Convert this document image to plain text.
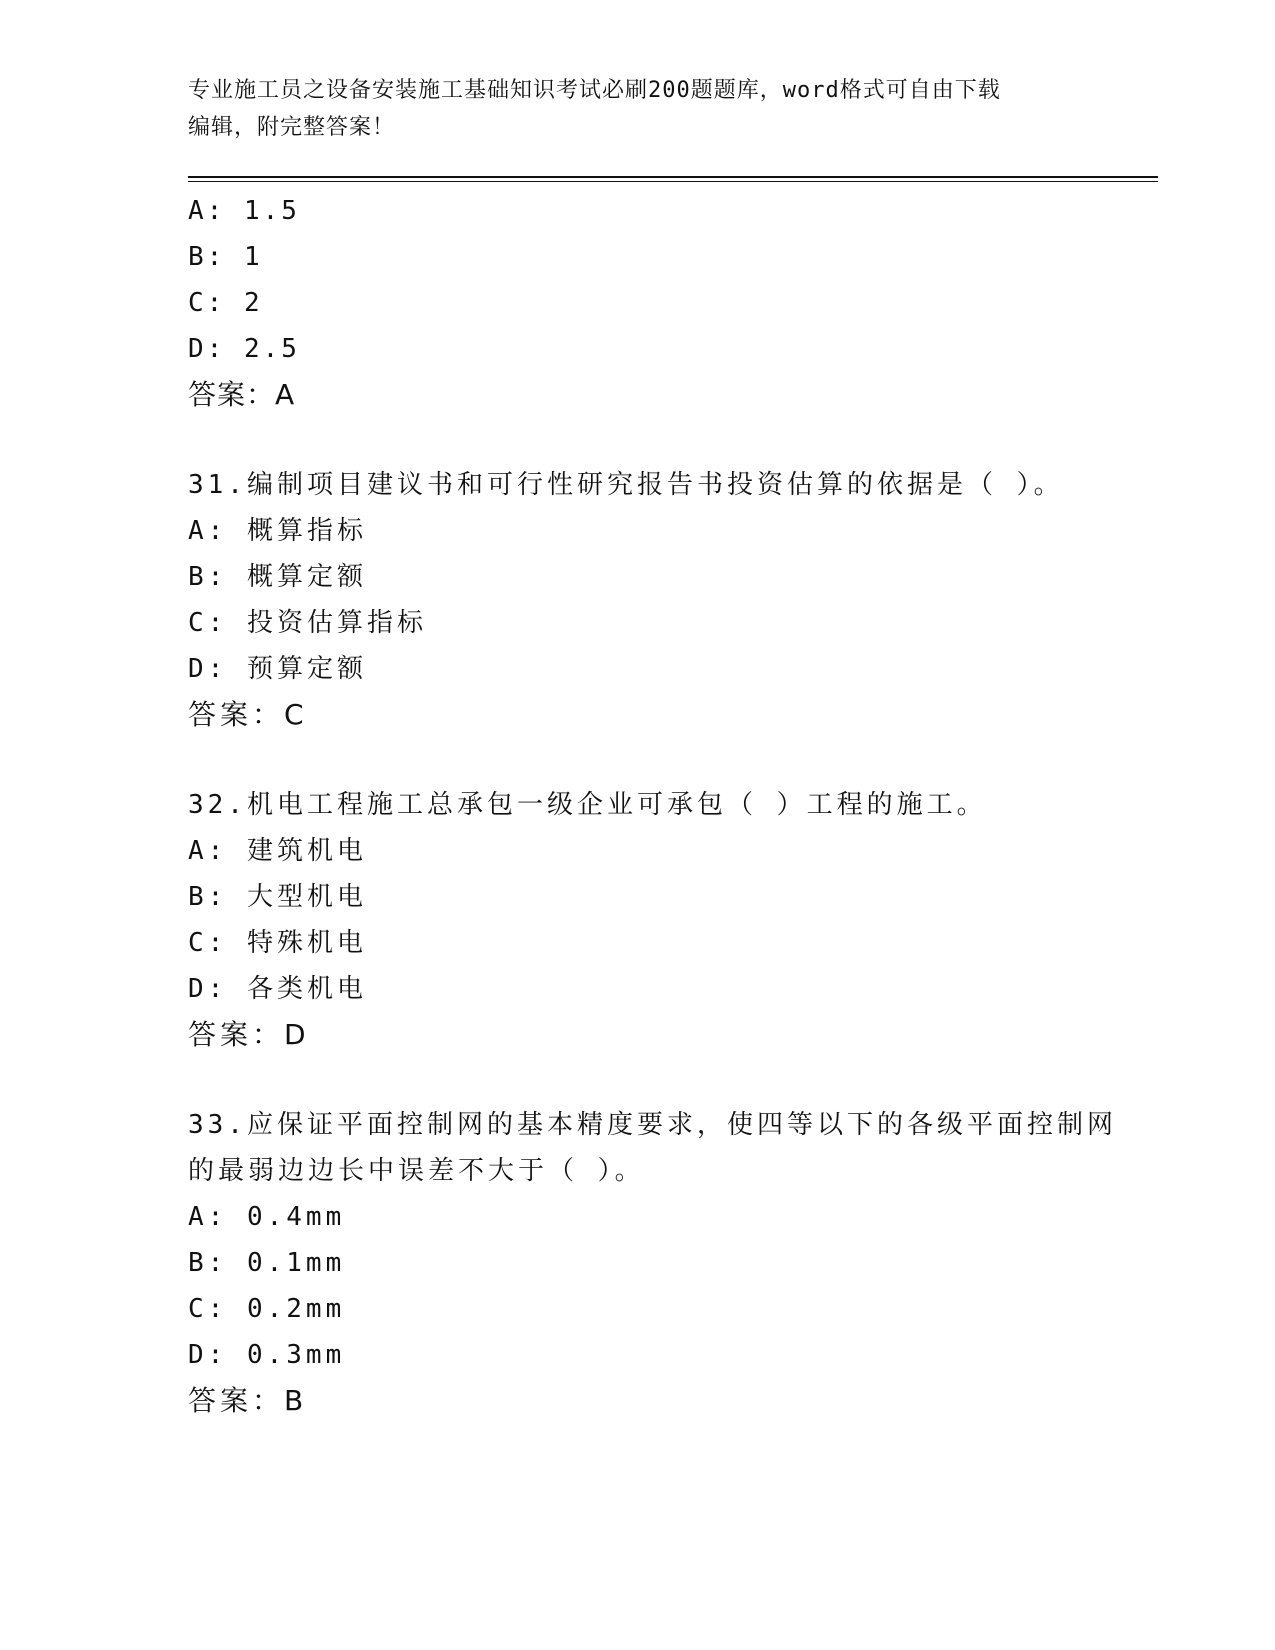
专业施工员之设备安装施工基础知识考试必刷200题题库，word格式可自由下载
编辑，附完整答案！
A: 1.5
B: 1
C: 2
D: 2.5
答案：A
31.编制项目建议书和可行性研究报告书投资估算的依据是（ ）。
A: 概算指标
B: 概算定额
C: 投资估算指标
D: 预算定额
答案：C
32.机电工程施工总承包一级企业可承包（ ）工程的施工。
A: 建筑机电
B: 大型机电
C: 特殊机电
D: 各类机电
答案：D
33.应保证平面控制网的基本精度要求，使四等以下的各级平面控制网
的最弱边边长中误差不大于（ ）。
A: 0.4mm
B: 0.1mm
C: 0.2mm
D: 0.3mm
答案：B
